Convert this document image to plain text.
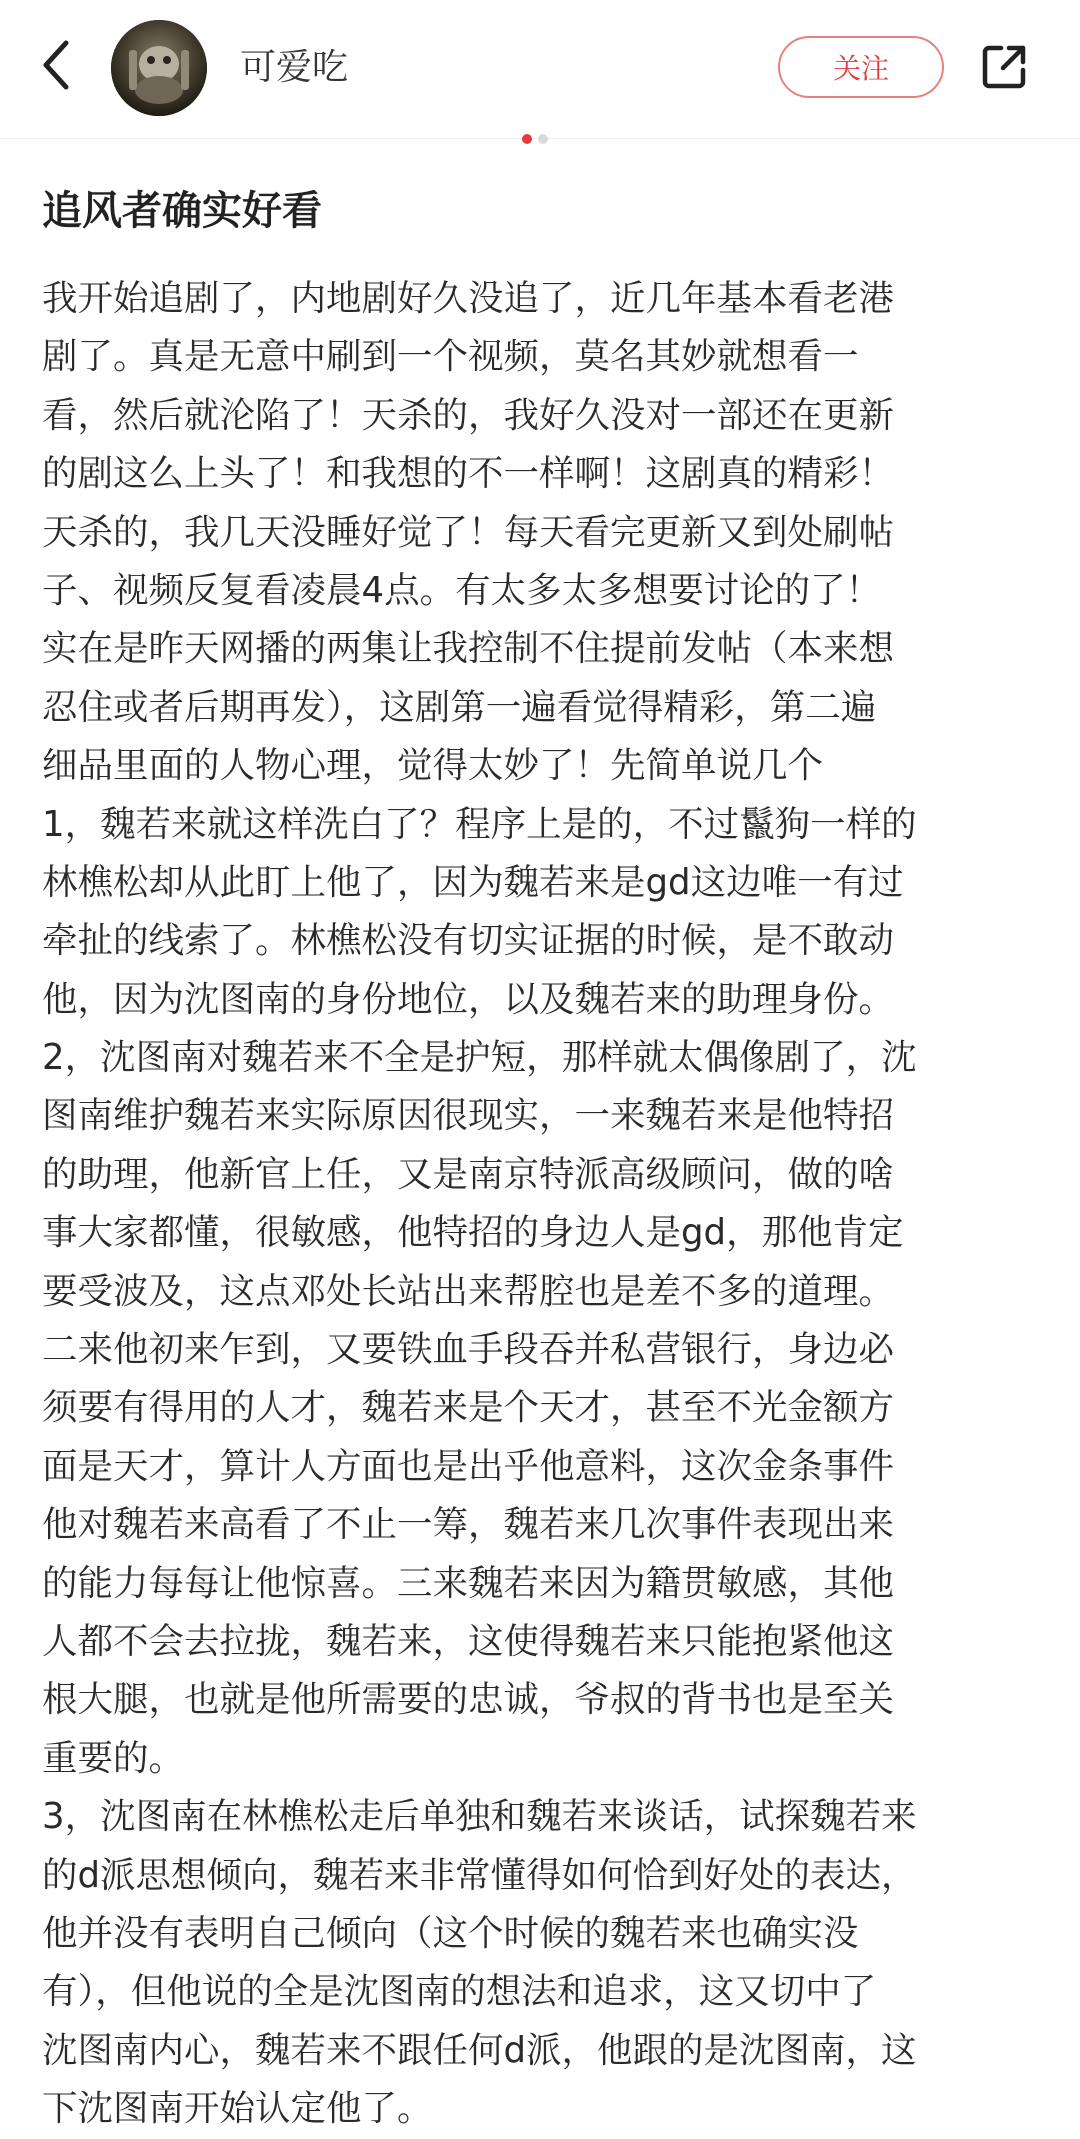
可爱吃	关注
追风者确实好看
我开始追剧了，内地剧好久没追了，近几年基本看老港
剧了。真是无意中刷到一个视频，莫名其妙就想看一
看，然后就沦陷了！天杀的，我好久没对一部还在更新
的剧这么上头了！和我想的不一样啊！这剧真的精彩！
天杀的，我几天没睡好觉了！每天看完更新又到处刷帖
子、视频反复看凌晨4点。有太多太多想要讨论的了！
实在是昨天网播的两集让我控制不住提前发帖（本来想
忍住或者后期再发），这剧第一遍看觉得精彩，第二遍
细品里面的人物心理，觉得太妙了！先简单说几个
1，魏若来就这样洗白了？程序上是的，不过鬣狗一样的
林樵松却从此盯上他了，因为魏若来是gd这边唯一有过
牵扯的线索了。林樵松没有切实证据的时候，是不敢动
他，因为沈图南的身份地位，以及魏若来的助理身份。
2，沈图南对魏若来不全是护短，那样就太偶像剧了，沈
图南维护魏若来实际原因很现实，一来魏若来是他特招
的助理，他新官上任，又是南京特派高级顾问，做的啥
事大家都懂，很敏感，他特招的身边人是gd，那他肯定
要受波及，这点邓处长站出来帮腔也是差不多的道理。
二来他初来乍到，又要铁血手段吞并私营银行，身边必
须要有得用的人才，魏若来是个天才，甚至不光金额方
面是天才，算计人方面也是出乎他意料，这次金条事件
他对魏若来高看了不止一筹，魏若来几次事件表现出来
的能力每每让他惊喜。三来魏若来因为籍贯敏感，其他
人都不会去拉拢，魏若来，这使得魏若来只能抱紧他这
根大腿，也就是他所需要的忠诚，爷叔的背书也是至关
重要的。
3，沈图南在林樵松走后单独和魏若来谈话，试探魏若来
的d派思想倾向，魏若来非常懂得如何恰到好处的表达，
他并没有表明自己倾向（这个时候的魏若来也确实没
有），但他说的全是沈图南的想法和追求，这又切中了
沈图南内心，魏若来不跟任何d派，他跟的是沈图南，这
下沈图南开始认定他了。
